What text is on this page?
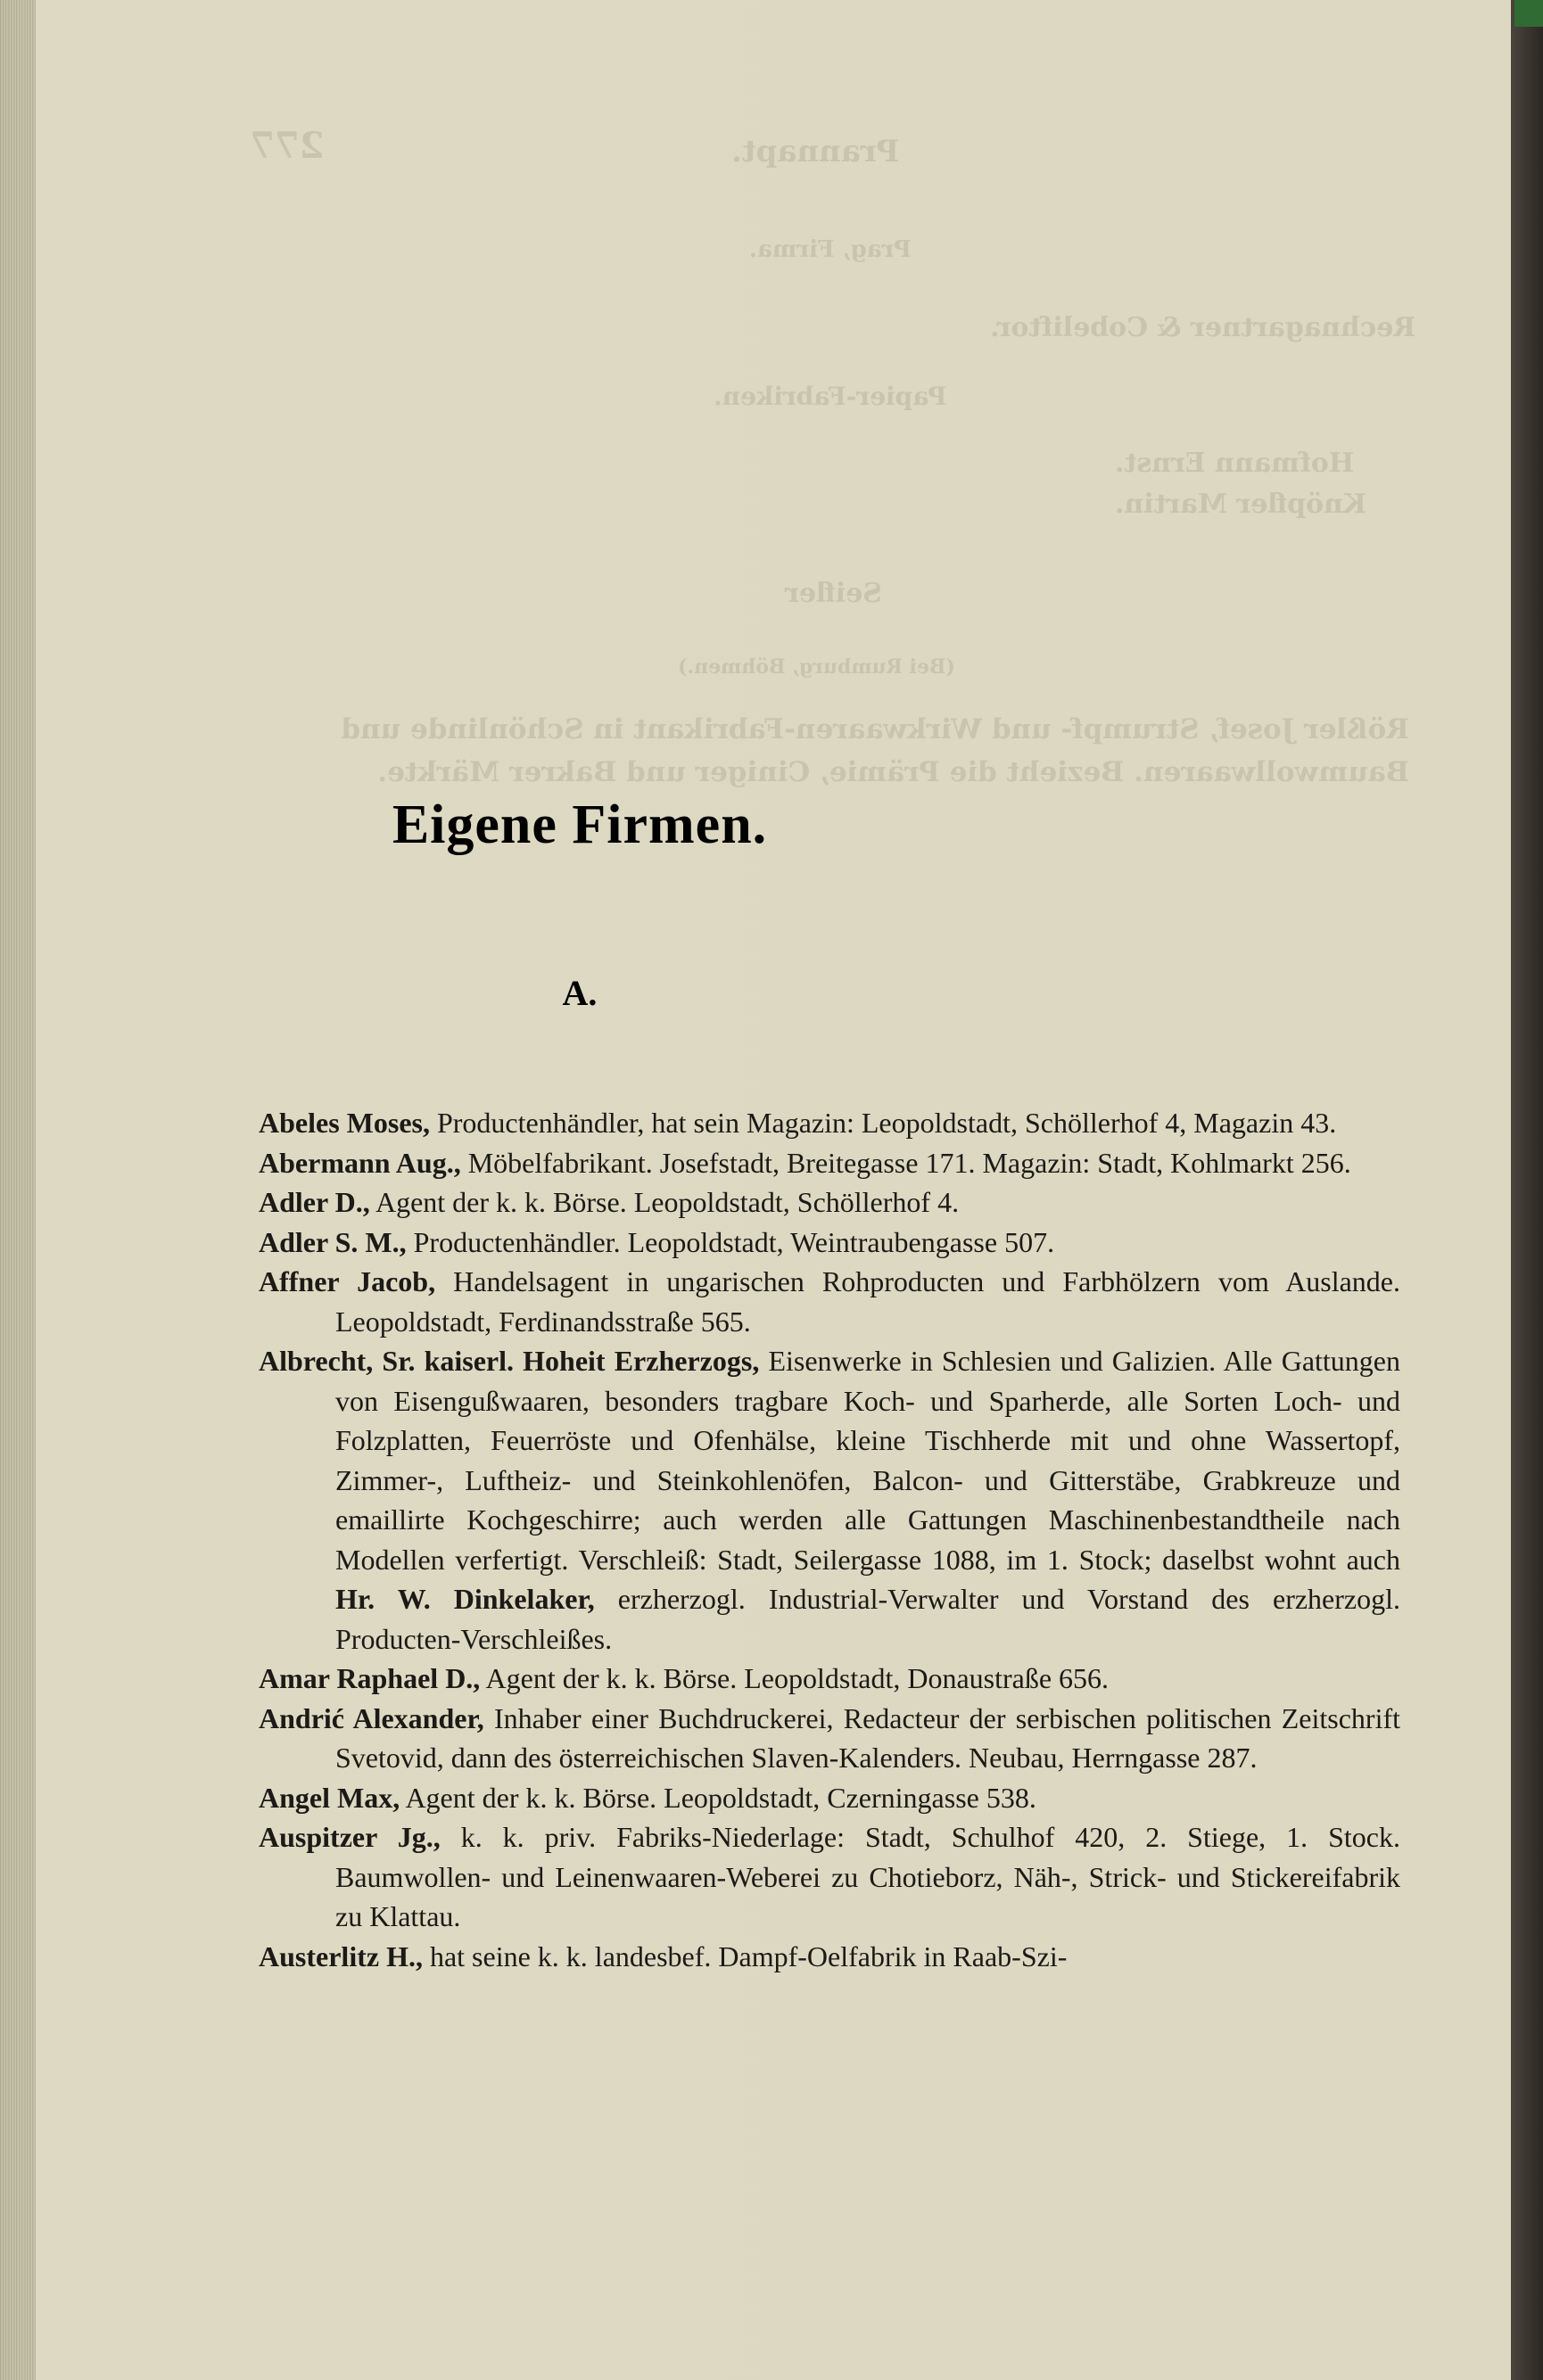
Prannapt.
277
Prag, Firma.
Rechnagartner & Cobeliftor.
Papier-Fabriken.
Hofmann Ernst.
Knöpfler Martin.
Seifler
(Bei Rumburg, Böhmen.)
Rößler Josef, Strumpf- und Wirkwaaren-Fabrikant in Schönlinde und
Baumwollwaaren. Bezieht die Prämie, Ciniger und Bakrer Märkte.
Eigene Firmen.
A.
Abeles Moses, Productenhändler, hat sein Magazin: Leopoldstadt, Schöllerhof 4, Magazin 43.
Abermann Aug., Möbelfabrikant. Josefstadt, Breitegasse 171. Magazin: Stadt, Kohlmarkt 256.
Adler D., Agent der k. k. Börse. Leopoldstadt, Schöllerhof 4.
Adler S. M., Productenhändler. Leopoldstadt, Weintraubengasse 507.
Affner Jacob, Handelsagent in ungarischen Rohproducten und Farbhölzern vom Auslande. Leopoldstadt, Ferdinandsstraße 565.
Albrecht, Sr. kaiserl. Hoheit Erzherzogs, Eisenwerke in Schlesien und Galizien. Alle Gattungen von Eisengußwaaren, besonders tragbare Koch- und Sparherde, alle Sorten Loch- und Folzplatten, Feuerröste und Ofenhälse, kleine Tischherde mit und ohne Wassertopf, Zimmer-, Luftheiz- und Steinkohlenöfen, Balcon- und Gitterstäbe, Grabkreuze und emaillirte Kochgeschirre; auch werden alle Gattungen Maschinenbestandtheile nach Modellen verfertigt. Verschleiß: Stadt, Seilergasse 1088, im 1. Stock; daselbst wohnt auch Hr. W. Dinkelaker, erzherzogl. Industrial-Verwalter und Vorstand des erzherzogl. Producten-Verschleißes.
Amar Raphael D., Agent der k. k. Börse. Leopoldstadt, Donaustraße 656.
Andrić Alexander, Inhaber einer Buchdruckerei, Redacteur der serbischen politischen Zeitschrift Svetovid, dann des österreichischen Slaven-Kalenders. Neubau, Herrngasse 287.
Angel Max, Agent der k. k. Börse. Leopoldstadt, Czerningasse 538.
Auspitzer Jg., k. k. priv. Fabriks-Niederlage: Stadt, Schulhof 420, 2. Stiege, 1. Stock. Baumwollen- und Leinenwaaren-Weberei zu Chotieborz, Näh-, Strick- und Stickereifabrik zu Klattau.
Austerlitz H., hat seine k. k. landesbef. Dampf-Oelfabrik in Raab-Szi-
